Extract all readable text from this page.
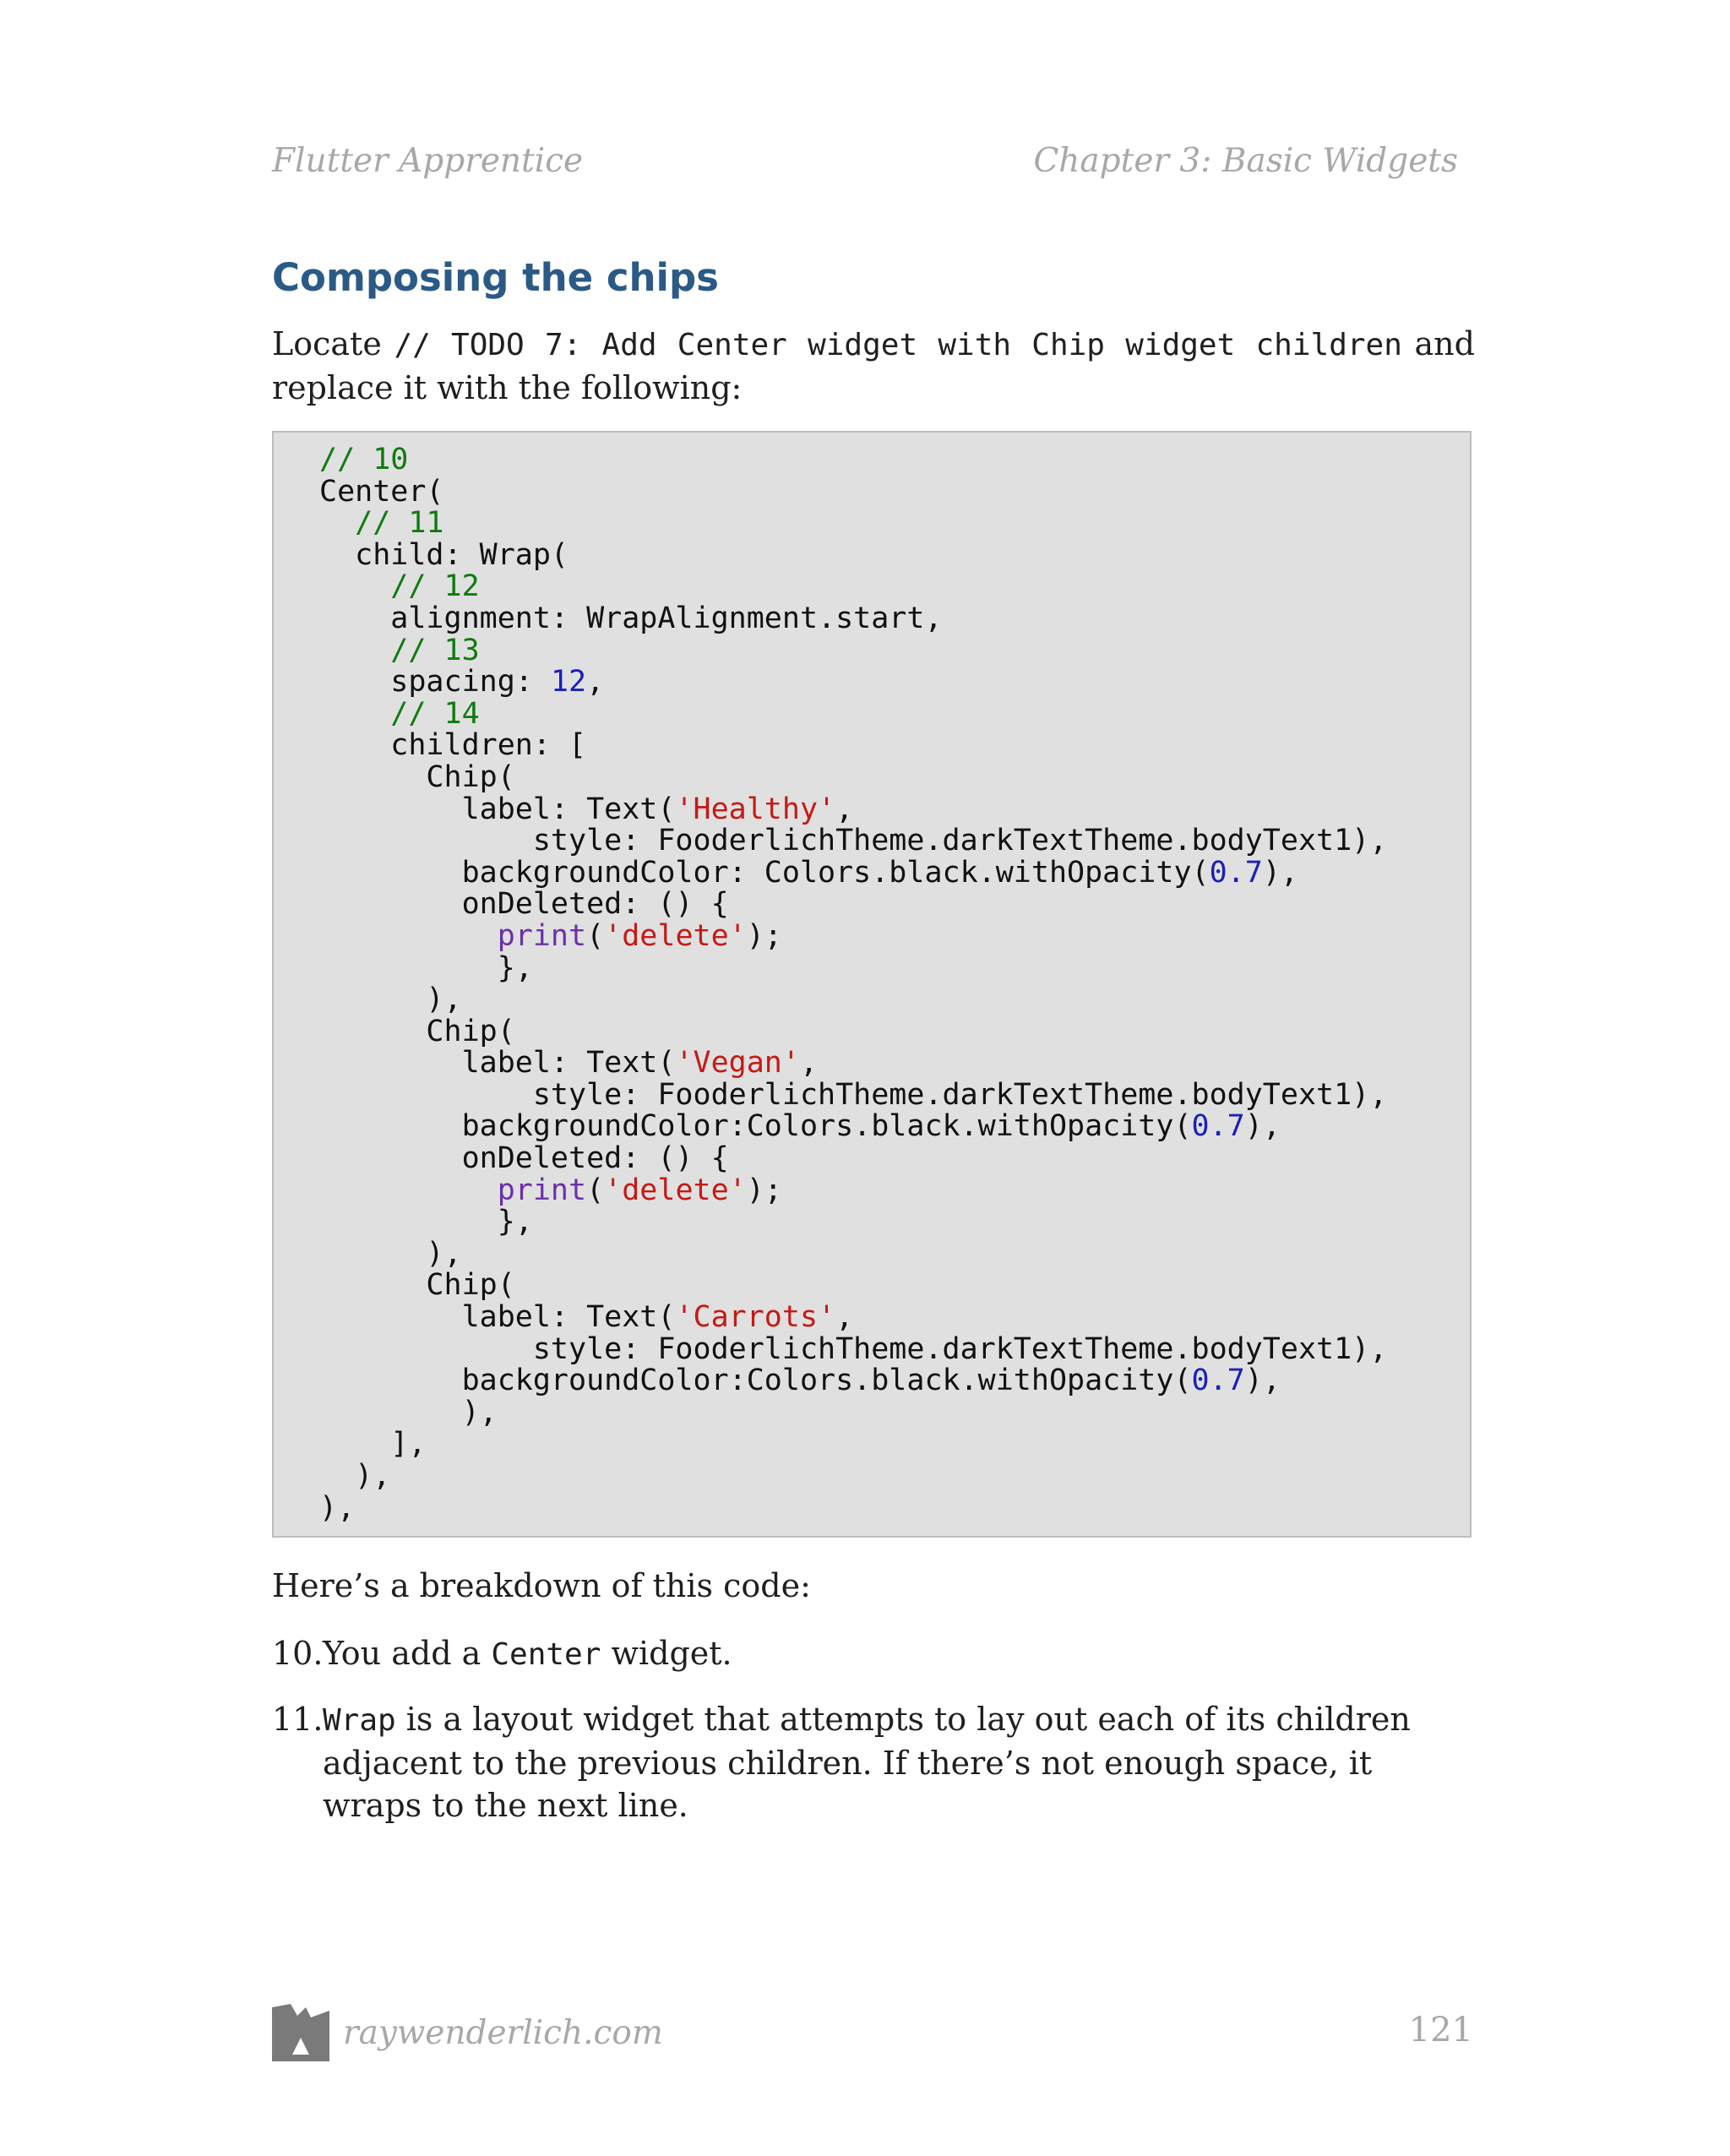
Flutter Apprentice	Chapter 3: Basic Widgets
Composing the chips

Locate // TODO 7: Add Center widget with Chip widget children and replace it with the following:

// 10
Center(
// 11
child: Wrap(
// 12
alignment: WrapAlignment.start,
// 13
spacing: 12,
// 14
children: [
Chip(
label: Text('Healthy',
style: FooderlichTheme.darkTextTheme.bodyText1),
backgroundColor: Colors.black.withOpacity(0.7),
onDeleted: () {
print('delete');
},
),
Chip(
label: Text('Vegan',
style: FooderlichTheme.darkTextTheme.bodyText1),
backgroundColor:Colors.black.withOpacity(0.7),
onDeleted: () {
print('delete');
},
),
Chip(
label: Text('Carrots',
style: FooderlichTheme.darkTextTheme.bodyText1),
backgroundColor:Colors.black.withOpacity(0.7),
),
],
),
),

Here’s a breakdown of this code:

10. You add a Center widget.
11. Wrap is a layout widget that attempts to lay out each of its children adjacent to the previous children. If there’s not enough space, it wraps to the next line.
raywenderlich.com	121
